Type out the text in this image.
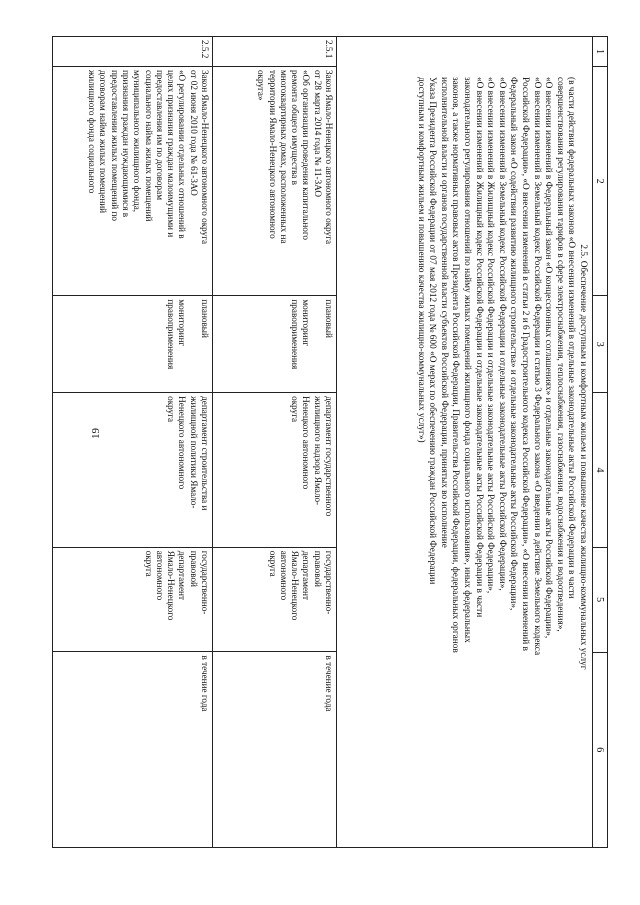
19
1
2
3
4
5
6
2.5. Обеспечение доступным и комфортным жильем и повышение качества жилищно-коммунальных услуг
(в части действия федеральных законов «О внесении изменений в отдельные законодательные акты Российской Федерации в части
совершенствования регулирования тарифов в сфере электроснабжения, теплоснабжения, газоснабжения, водоснабжения и водоотведения»,
«О внесении изменений в Федеральный закон «О концессионных соглашениях» и отдельные законодательные акты Российской Федерации»,
«О внесении изменений в Земельный кодекс Российской Федерации и статью 3 Федерального закона «О введении в действие Земельного кодекса
Российской Федерации», «О внесении изменений в статьи 2 и 6 Градостроительного кодекса Российской Федерации», «О внесении изменений в
Федеральный закон «О содействии развитию жилищного строительства» и отдельные законодательные акты Российской Федерации»,
«О внесении изменений в Земельный кодекс Российской Федерации и отдельные законодательные акты Российской Федерации»,
«О внесении изменений в Жилищный кодекс Российской Федерации и отдельные законодательные акты Российской Федерации»,
«О внесении изменений в Жилищный кодекс Российской Федерации и отдельные законодательные акты Российской Федерации в части
законодательного регулирования отношений по найму жилых помещений жилищного фонда социального использования», иных федеральных
законов, а также нормативных правовых актов Президента Российской Федерации, Правительства Российской Федерации, федеральных органов
исполнительной власти и органов государственной власти субъектов Российской Федерации, принятых во исполнение
Указа Президента Российской Федерации от 07 мая 2012 года № 600 «О мерах по обеспечению граждан Российской Федерации
доступным и комфортным жильем и повышению качества жилищно-коммунальных услуг»)
2.5.1
Закон Ямало-Ненецкого автономного округа
от 28 марта 2014 года № 11-ЗАО
«Об организации проведения капитального
ремонта общего имущества в
многоквартирных домах, расположенных на
территории Ямало-Ненецкого автономного
округа»
плановый

мониторинг
правоприменения
департамент государственного
жилищного надзора Ямало-
Ненецкого автономного
округа
государственно-
правовой
департамент
Ямало-Ненецкого
автономного
округа
в течение года
2.5.2
Закон Ямало-Ненецкого автономного округа
от 02 июня 2010 года № 61-ЗАО
«О регулировании отдельных отношений в
целях признания граждан малоимущими и
предоставления им по договорам
социального найма жилых помещений
муниципального жилищного фонда,
признания граждан нуждающимися в
предоставлении жилых помещений по
договорам найма жилых помещений
жилищного фонда социального
плановый

мониторинг
правоприменения
департамент строительства и
жилищной политики Ямало-
Ненецкого автономного
округа
государственно-
правовой
департамент
Ямало-Ненецкого
автономного
округа
в течение года
